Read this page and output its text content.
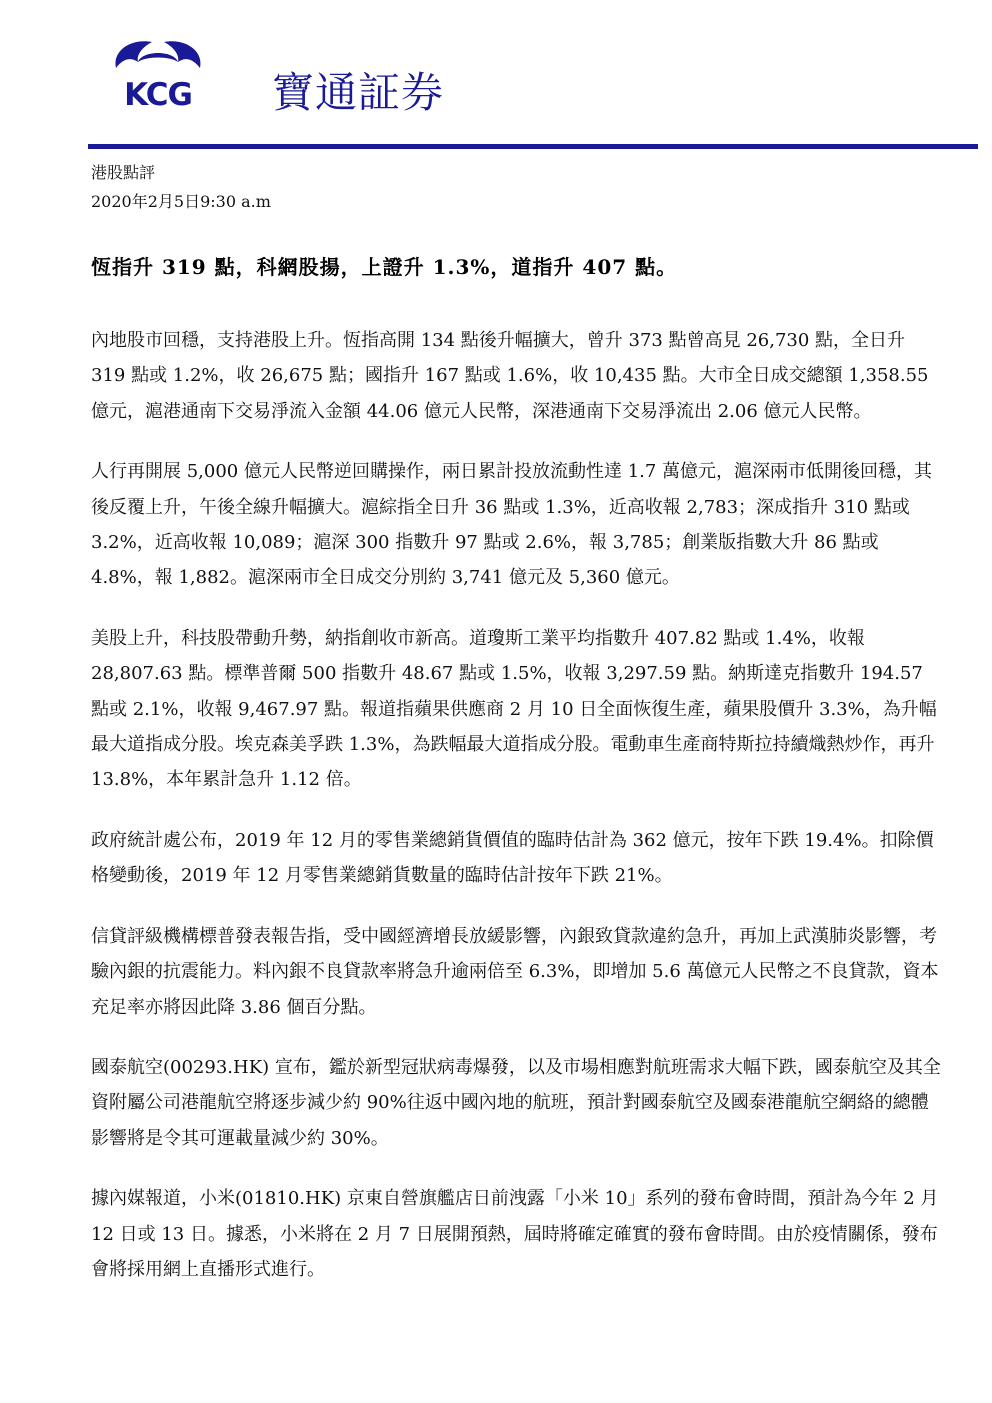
KCG	寶通証券
港股點評
2020年2月5日9:30 a.m
恆指升 319 點，科網股揚，上證升 1.3%，道指升 407 點。

內地股市回穩，支持港股上升。恆指高開 134 點後升幅擴大，曾升 373 點曾高見 26,730 點，全日升 319 點或 1.2%，收 26,675 點；國指升 167 點或 1.6%，收 10,435 點。大市全日成交總額 1,358.55 億元，滬港通南下交易淨流入金額 44.06 億元人民幣，深港通南下交易淨流出 2.06 億元人民幣。

人行再開展 5,000 億元人民幣逆回購操作，兩日累計投放流動性達 1.7 萬億元，滬深兩市低開後回穩，其後反覆上升，午後全線升幅擴大。滬綜指全日升 36 點或 1.3%，近高收報 2,783；深成指升 310 點或 3.2%，近高收報 10,089；滬深 300 指數升 97 點或 2.6%，報 3,785；創業版指數大升 86 點或 4.8%，報 1,882。滬深兩市全日成交分別約 3,741 億元及 5,360 億元。

美股上升，科技股帶動升勢，納指創收市新高。道瓊斯工業平均指數升 407.82 點或 1.4%，收報 28,807.63 點。標準普爾 500 指數升 48.67 點或 1.5%，收報 3,297.59 點。納斯達克指數升 194.57 點或 2.1%，收報 9,467.97 點。報道指蘋果供應商 2 月 10 日全面恢復生產，蘋果股價升 3.3%，為升幅最大道指成分股。埃克森美孚跌 1.3%，為跌幅最大道指成分股。電動車生產商特斯拉持續熾熱炒作，再升 13.8%，本年累計急升 1.12 倍。

政府統計處公布，2019 年 12 月的零售業總銷貨價值的臨時估計為 362 億元，按年下跌 19.4%。扣除價格變動後，2019 年 12 月零售業總銷貨數量的臨時估計按年下跌 21%。

信貸評級機構標普發表報告指，受中國經濟增長放緩影響，內銀致貸款違約急升，再加上武漢肺炎影響，考驗內銀的抗震能力。料內銀不良貸款率將急升逾兩倍至 6.3%，即增加 5.6 萬億元人民幣之不良貸款，資本充足率亦將因此降 3.86 個百分點。

國泰航空(00293.HK) 宣布，鑑於新型冠狀病毒爆發，以及市場相應對航班需求大幅下跌，國泰航空及其全資附屬公司港龍航空將逐步減少約 90%往返中國內地的航班，預計對國泰航空及國泰港龍航空網絡的總體影響將是令其可運載量減少約 30%。

據內媒報道，小米(01810.HK) 京東自營旗艦店日前洩露「小米 10」系列的發布會時間，預計為今年 2 月 12 日或 13 日。據悉，小米將在 2 月 7 日展開預熱，屆時將確定確實的發布會時間。由於疫情關係，發布會將採用網上直播形式進行。
